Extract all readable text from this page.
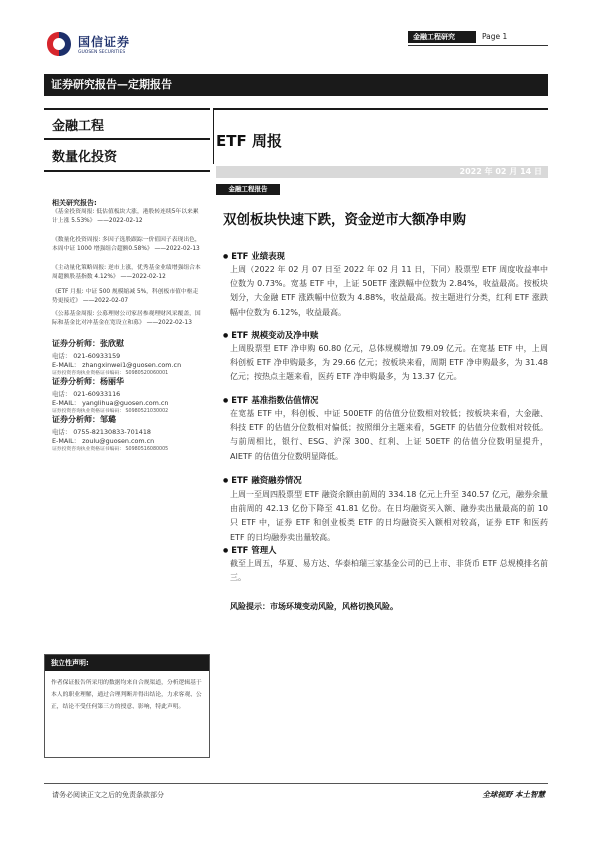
国信证券
GUOSEN SECURITIES
金融工程研究	Page 1
证券研究报告—定期报告
金融工程
数量化投资
ETF 周报
2022 年 02 月 14 日
金融工程报告
双创板块快速下跌，资金逆市大额净申购
相关研究报告:
《基金投资周报: 低估值板块大涨，港股转连续5年以来累计上涨 5.53%》 ——2022-02-12
《数量化投资周报: 多因子选股跟踪一价值因子表现出色，本周中证 1000 增强组合超额0.58%》 ——2022-02-13
《主动量化策略周报: 逆市上涨，优秀基金业绩增强组合本周超额股基指数 4.12%》 ——2022-02-12
《ETF 月报: 中证 500 规模缩减 5%，科创板市值中枢走势更接近》 ——2022-02-07
《公募基金周报: 公募理财公司家居参观理财风采覆盖，国际和基金比对冲基金在宽设立和募》 ——2022-02-13
证券分析师：张欣慰
电话： 021-60933159
E-MAIL： zhangxinwei1@guosen.com.cn
证券投资咨询执业资格证书编码： S0980520060001
证券分析师：杨丽华
电话： 021-60933116
E-MAIL： yanglihua@guosen.com.cn
证券投资咨询执业资格证书编码： S0980521030002
证券分析师：邹璐
电话： 0755-82130833-701418
E-MAIL： zoulu@guosen.com.cn
证券投资咨询执业资格证书编码： S0980516080005
● ETF 业绩表现
上周（2022 年 02 月 07 日至 2022 年 02 月 11 日，下同）股票型 ETF 周度收益率中位数为 0.73%。宽基 ETF 中，上证 50ETF 涨跌幅中位数为 2.84%，收益最高。按板块划分，大金融 ETF 涨跌幅中位数为 4.88%，收益最高。按主题进行分类，红利 ETF 涨跌幅中位数为 6.12%，收益最高。
● ETF 规模变动及净申赎
上周股票型 ETF 净申购 60.80 亿元，总体规模增加 79.09 亿元。在宽基 ETF 中，上周科创板 ETF 净申购最多，为 29.66 亿元；按板块来看，周期 ETF 净申购最多，为 31.48 亿元；按热点主题来看，医药 ETF 净申购最多，为 13.37 亿元。
● ETF 基准指数估值情况
在宽基 ETF 中，科创板、中证 500ETF 的估值分位数相对较低；按板块来看，大金融、科技 ETF 的估值分位数相对偏低；按照细分主题来看，5GETF 的估值分位数相对较低。与前周相比，银行、ESG、沪深 300、红利、上证 50ETF 的估值分位数明显提升，AIETF 的估值分位数明显降低。
● ETF 融资融券情况
上周一至周四股票型 ETF 融资余额由前周的 334.18 亿元上升至 340.57 亿元，融券余量由前周的 42.13 亿份下降至 41.81 亿份。在日均融资买入额、融券卖出量最高的前 10 只 ETF 中，证券 ETF 和创业板类 ETF 的日均融资买入额相对较高，证券 ETF 和医药 ETF 的日均融券卖出量较高。
● ETF 管理人
截至上周五，华夏、易方达、华泰柏瑞三家基金公司的已上市、非货币 ETF 总规模排名前三。
风险提示：市场环境变动风险，风格切换风险。
独立性声明:
作者保证报告所采用的数据均来自合规渠道，分析逻辑基于本人的职业理解，通过合理判断并得出结论，力求客观、公正，结论不受任何第三方的授意、影响，特此声明。
请务必阅读正文之后的免责条款部分	全球视野 本土智慧
